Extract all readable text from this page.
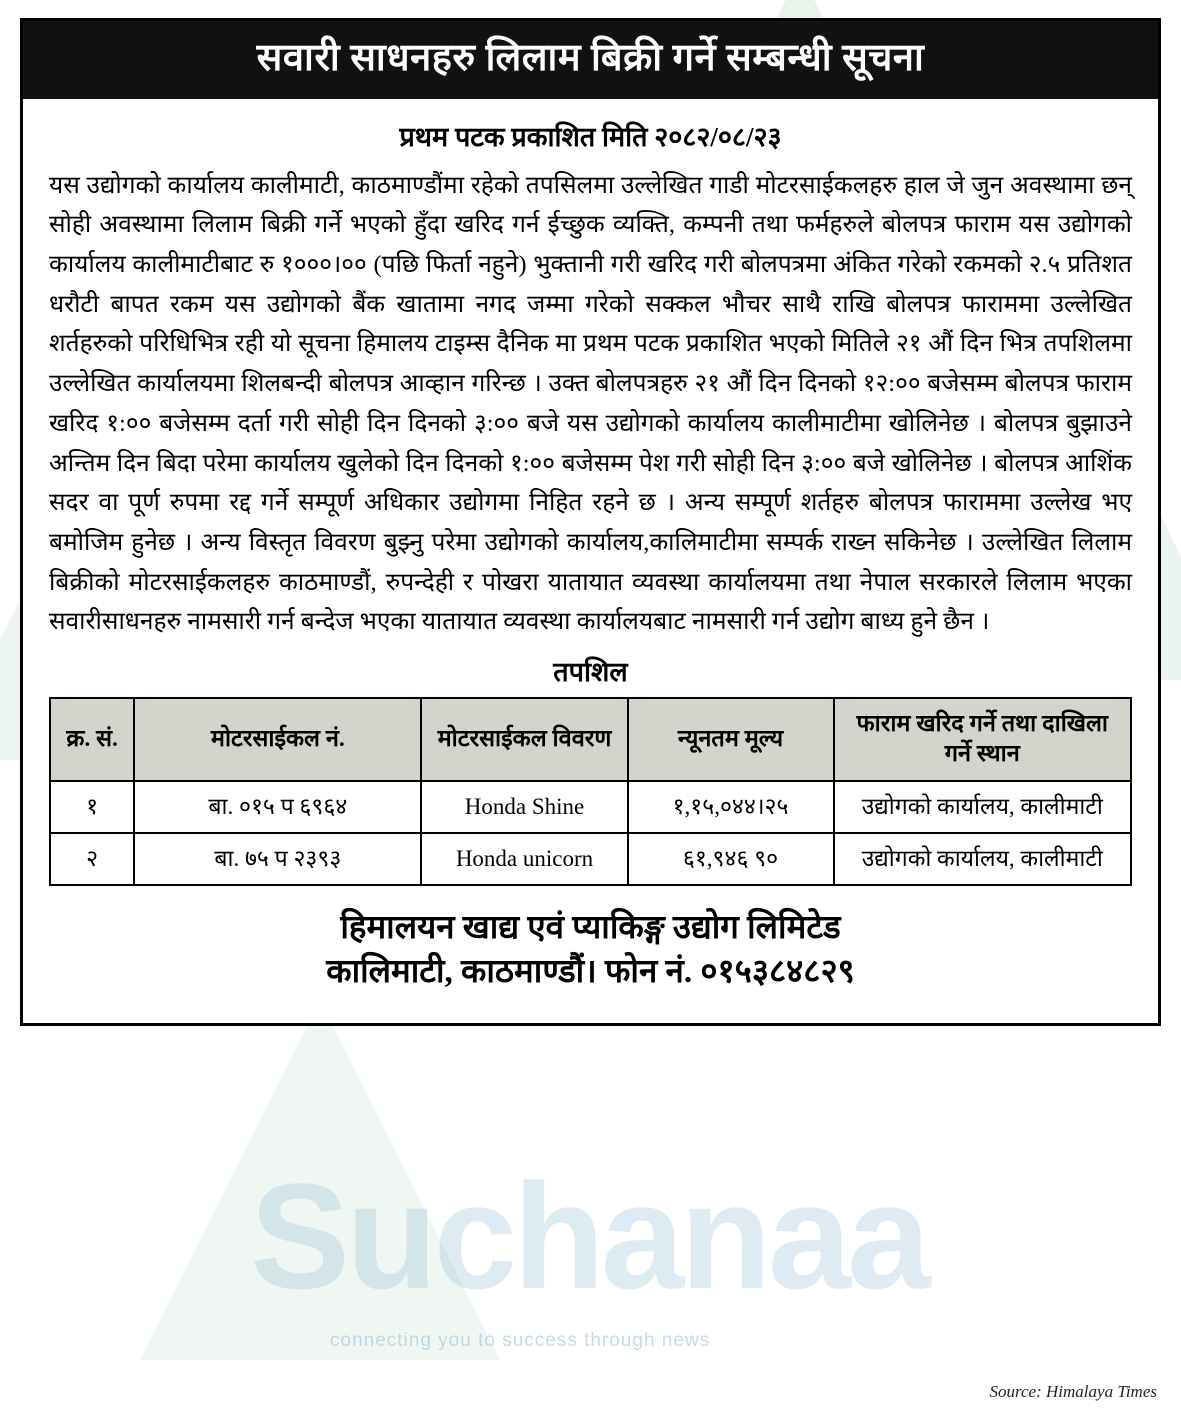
Suchanaa
connecting you to success through news
सवारी साधनहरु लिलाम बिक्री गर्ने सम्बन्धी सूचना
प्रथम पटक प्रकाशित मिति २०८२/०८/२३

यस उद्योगको कार्यालय कालीमाटी, काठमाण्डौंमा रहेको तपसिलमा उल्लेखित गाडी मोटरसाईकलहरु हाल जे जुन अवस्थामा छन् सोही अवस्थामा लिलाम बिक्री गर्ने भएको हुँदा खरिद गर्न ईच्छुक व्यक्ति, कम्पनी तथा फर्महरुले बोलपत्र फाराम यस उद्योगको कार्यालय कालीमाटीबाट रु १०००।०० (पछि फिर्ता नहुने) भुक्तानी गरी खरिद गरी बोलपत्रमा अंकित गरेको रकमको २.५ प्रतिशत धरौटी बापत रकम यस उद्योगको बैंक खातामा नगद जम्मा गरेको सक्कल भौचर साथै राखि बोलपत्र फाराममा उल्लेखित शर्तहरुको परिधिभित्र रही यो सूचना हिमालय टाइम्स दैनिक मा प्रथम पटक प्रकाशित भएको मितिले २१ औं दिन भित्र तपशिलमा उल्लेखित कार्यालयमा शिलबन्दी बोलपत्र आव्हान गरिन्छ । उक्त बोलपत्रहरु २१ औं दिन दिनको १२:०० बजेसम्म बोलपत्र फाराम खरिद १:०० बजेसम्म दर्ता गरी सोही दिन दिनको ३:०० बजे यस उद्योगको कार्यालय कालीमाटीमा खोलिनेछ । बोलपत्र बुझाउने अन्तिम दिन बिदा परेमा कार्यालय खुलेको दिन दिनको १:०० बजेसम्म पेश गरी सोही दिन ३:०० बजे खोलिनेछ । बोलपत्र आशिंक सदर वा पूर्ण रुपमा रद्द गर्ने सम्पूर्ण अधिकार उद्योगमा निहित रहने छ । अन्य सम्पूर्ण शर्तहरु बोलपत्र फाराममा उल्लेख भए बमोजिम हुनेछ । अन्य विस्तृत विवरण बुझ्नु परेमा उद्योगको कार्यालय,कालिमाटीमा सम्पर्क राख्न सकिनेछ । उल्लेखित लिलाम बिक्रीको मोटरसाईकलहरु काठमाण्डौं, रुपन्देही र पोखरा यातायात व्यवस्था कार्यालयमा तथा नेपाल सरकारले लिलाम भएका सवारीसाधनहरु नामसारी गर्न बन्देज भएका यातायात व्यवस्था कार्यालयबाट नामसारी गर्न उद्योग बाध्य हुने छैन ।

तपशिल
क्र. सं.	मोटरसाईकल नं.	मोटरसाईकल विवरण	न्यूनतम मूल्य	फाराम खरिद गर्ने तथा दाखिला गर्ने स्थान
१	बा. ०१५ प ६९६४	Honda Shine	१,१५,०४४।२५	उद्योगको कार्यालय, कालीमाटी
२	बा. ७५ प २३९३	Honda unicorn	६१,९४६ ९०	उद्योगको कार्यालय, कालीमाटी
हिमालयन खाद्य एवं प्याकिङ्ग उद्योग लिमिटेड
कालिमाटी, काठमाण्डौं। फोन नं. ०१५३८४८२९
Source: Himalaya Times
